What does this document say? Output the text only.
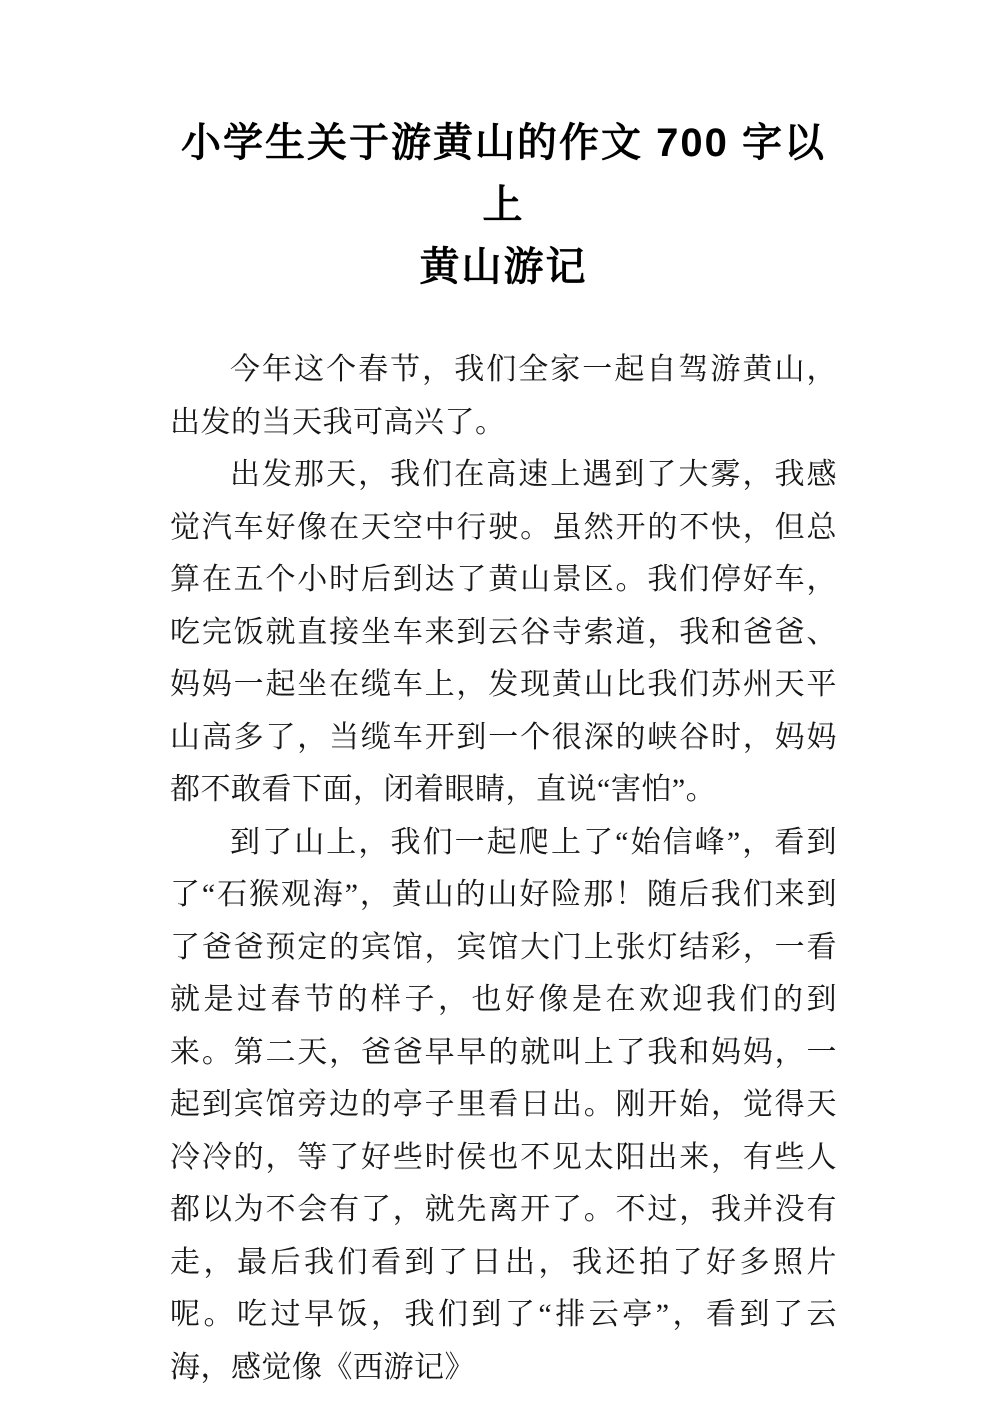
小学生关于游黄山的作文 700 字以上
黄山游记

今年这个春节，我们全家一起自驾游黄山，出发的当天我可高兴了。

出发那天，我们在高速上遇到了大雾，我感觉汽车好像在天空中行驶。虽然开的不快，但总算在五个小时后到达了黄山景区。我们停好车，吃完饭就直接坐车来到云谷寺索道，我和爸爸、妈妈一起坐在缆车上，发现黄山比我们苏州天平山高多了，当缆车开到一个很深的峡谷时，妈妈都不敢看下面，闭着眼睛，直说“害怕”。

到了山上，我们一起爬上了“始信峰”，看到了“石猴观海”，黄山的山好险那！随后我们来到了爸爸预定的宾馆，宾馆大门上张灯结彩，一看就是过春节的样子，也好像是在欢迎我们的到来。第二天，爸爸早早的就叫上了我和妈妈，一起到宾馆旁边的亭子里看日出。刚开始，觉得天冷冷的，等了好些时侯也不见太阳出来，有些人都以为不会有了，就先离开了。不过，我并没有走，最后我们看到了日出，我还拍了好多照片呢。吃过早饭，我们到了“排云亭”，看到了云海，感觉像《西游记》
